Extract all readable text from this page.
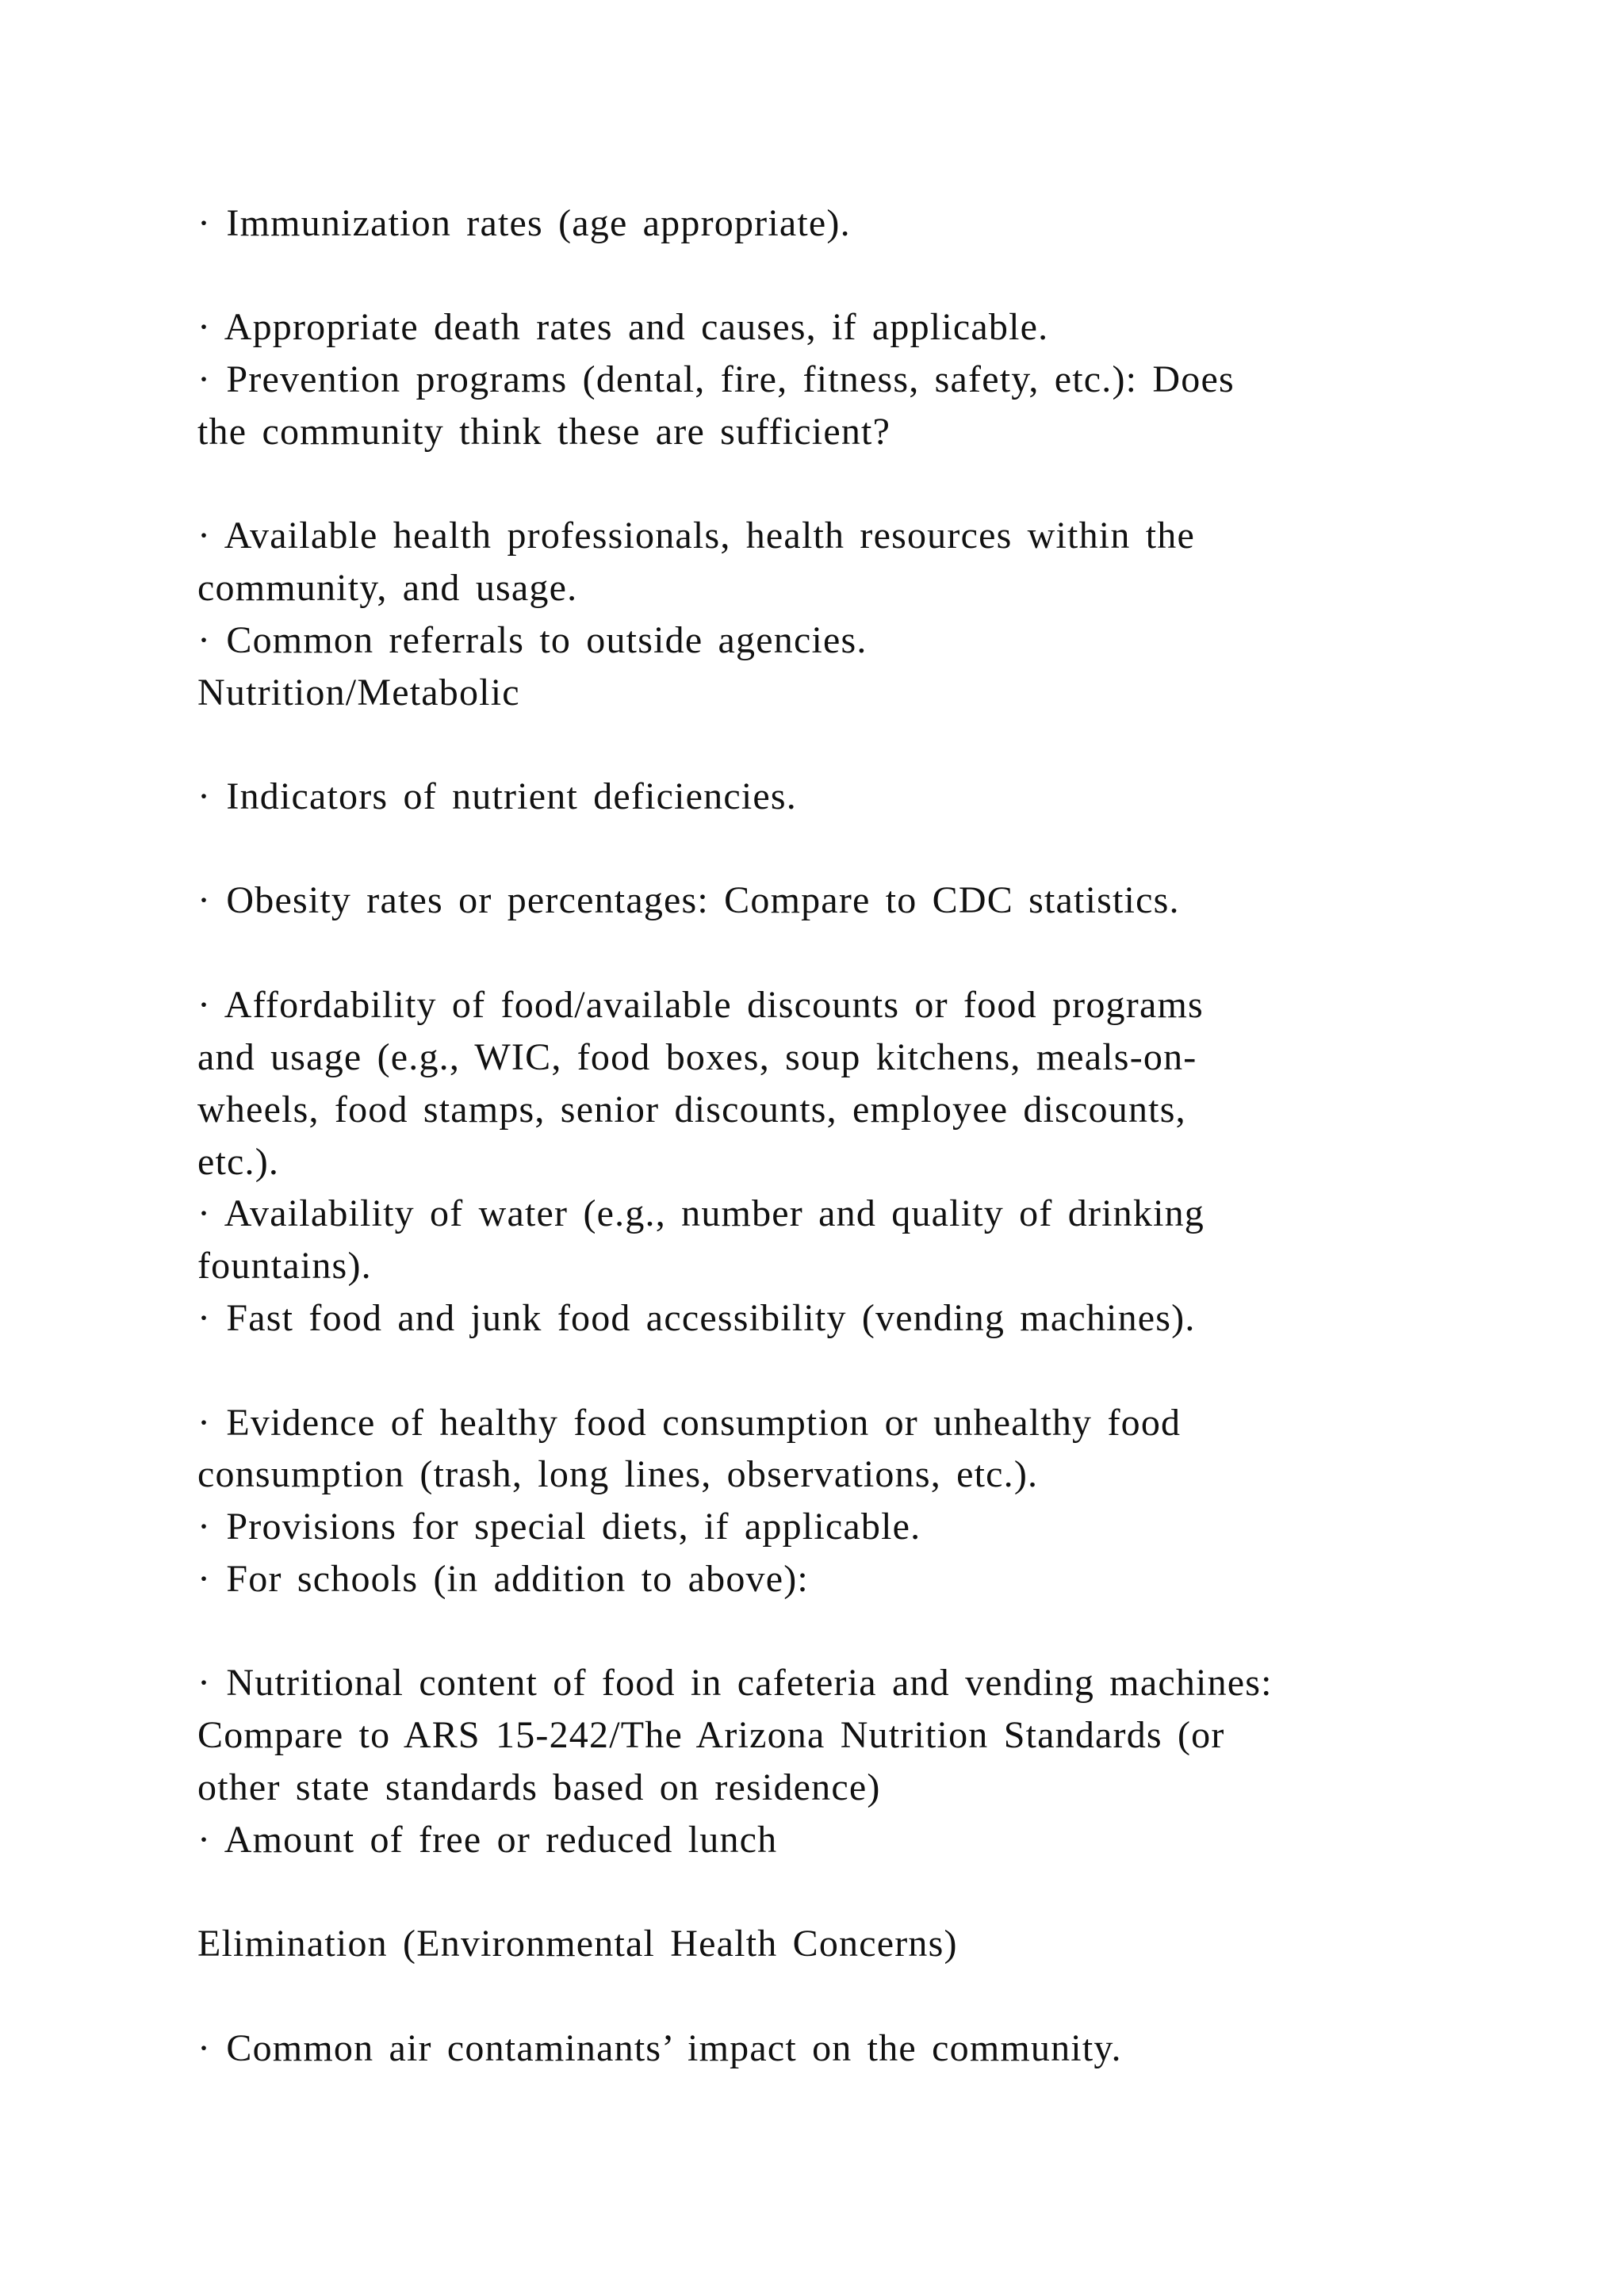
· Immunization rates (age appropriate).
· Appropriate death rates and causes, if applicable.
· Prevention programs (dental, fire, fitness, safety, etc.): Does
the community think these are sufficient?
· Available health professionals, health resources within the
community, and usage.
· Common referrals to outside agencies.
Nutrition/Metabolic
· Indicators of nutrient deficiencies.
· Obesity rates or percentages: Compare to CDC statistics.
· Affordability of food/available discounts or food programs
and usage (e.g., WIC, food boxes, soup kitchens, meals-on-
wheels, food stamps, senior discounts, employee discounts,
etc.).
· Availability of water (e.g., number and quality of drinking
fountains).
· Fast food and junk food accessibility (vending machines).
· Evidence of healthy food consumption or unhealthy food
consumption (trash, long lines, observations, etc.).
· Provisions for special diets, if applicable.
· For schools (in addition to above):
· Nutritional content of food in cafeteria and vending machines:
Compare to ARS 15-242/The Arizona Nutrition Standards (or
other state standards based on residence)
· Amount of free or reduced lunch
Elimination (Environmental Health Concerns)
· Common air contaminants’ impact on the community.
